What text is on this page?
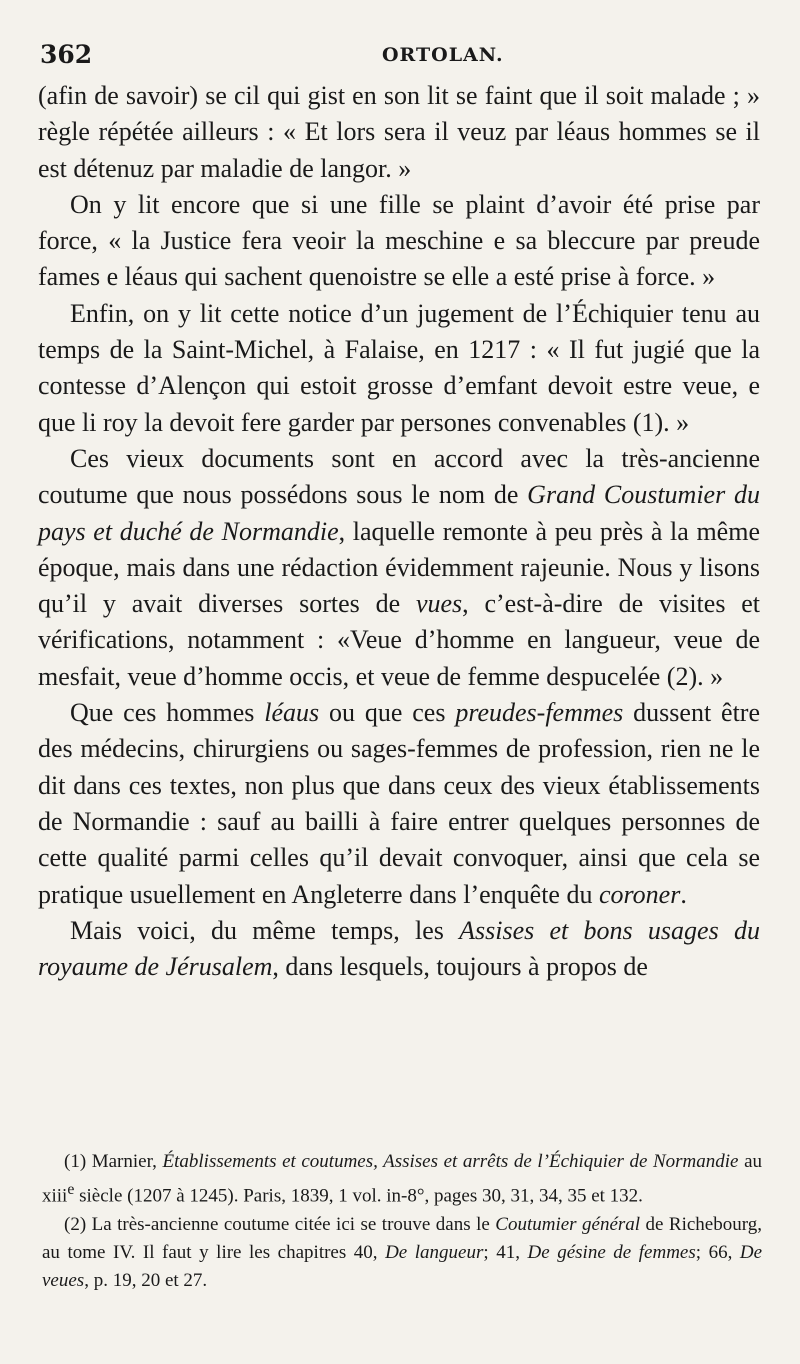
362	ORTOLAN.

(afin de savoir) se cil qui gist en son lit se faint que il soit malade ; » règle répétée ailleurs : « Et lors sera il veuz par léaus hommes se il est détenuz par maladie de langor. »

On y lit encore que si une fille se plaint d’avoir été prise par force, « la Justice fera veoir la meschine e sa bleccure par preude fames e léaus qui sachent quenoistre se elle a esté prise à force. »

Enfin, on y lit cette notice d’un jugement de l’Échiquier tenu au temps de la Saint-Michel, à Falaise, en 1217 : « Il fut jugié que la contesse d’Alençon qui estoit grosse d’emfant devoit estre veue, e que li roy la devoit fere garder par persones convenables (1). »

Ces vieux documents sont en accord avec la très-ancienne coutume que nous possédons sous le nom de Grand Coustumier du pays et duché de Normandie, laquelle remonte à peu près à la même époque, mais dans une rédaction évidemment rajeunie. Nous y lisons qu’il y avait diverses sortes de vues, c’est-à-dire de visites et vérifications, notamment : «Veue d’homme en langueur, veue de mesfait, veue d’homme occis, et veue de femme despucelée (2). »

Que ces hommes léaus ou que ces preudes-femmes dussent être des médecins, chirurgiens ou sages-femmes de profession, rien ne le dit dans ces textes, non plus que dans ceux des vieux établissements de Normandie : sauf au bailli à faire entrer quelques personnes de cette qualité parmi celles qu’il devait convoquer, ainsi que cela se pratique usuellement en Angleterre dans l’enquête du coroner.

Mais voici, du même temps, les Assises et bons usages du royaume de Jérusalem, dans lesquels, toujours à propos de

(1) Marnier, Établissements et coutumes, Assises et arrêts de l’Échiquier de Normandie au xiii$^e$ siècle (1207 à 1245). Paris, 1839, 1 vol. in-8°, pages 30, 31, 34, 35 et 132.

(2) La très-ancienne coutume citée ici se trouve dans le Coutumier général de Richebourg, au tome IV. Il faut y lire les chapitres 40, De langueur; 41, De gésine de femmes; 66, De veues, p. 19, 20 et 27.
